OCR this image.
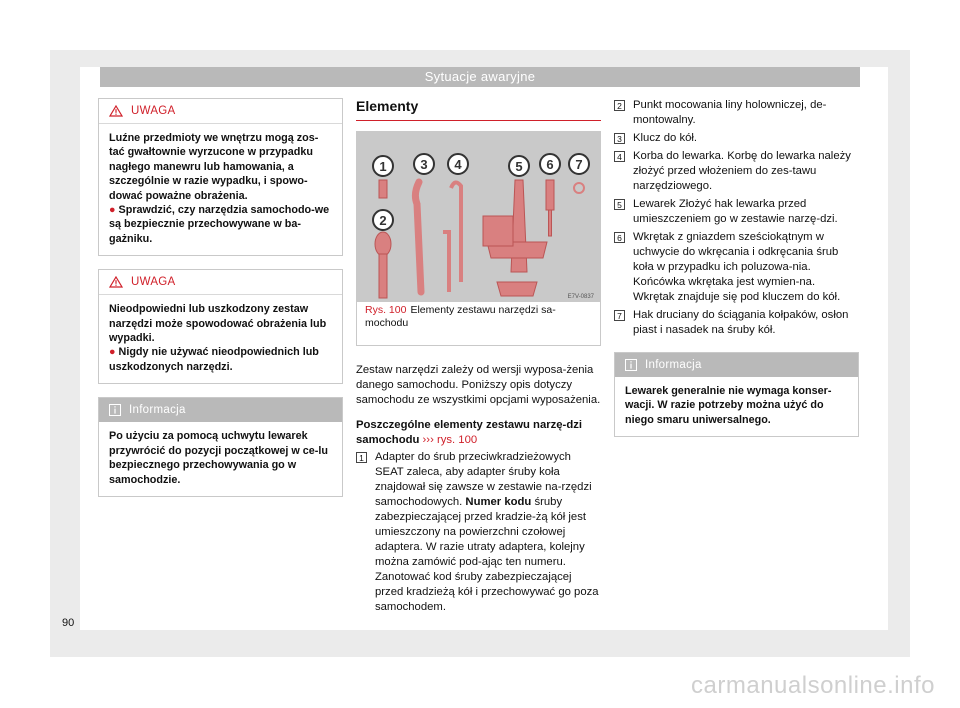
Sytuacje awaryjne
UWAGA

Luźne przedmioty we wnętrzu mogą zos-tać gwałtownie wyrzucone w przypadku nagłego manewru lub hamowania, a szczególnie w razie wypadku, i spowo-dować poważne obrażenia.

● Sprawdzić, czy narzędzia samochodo-we są bezpiecznie przechowywane w ba-gażniku.

UWAGA

Nieodpowiedni lub uszkodzony zestaw narzędzi może spowodować obrażenia lub wypadki.

● Nigdy nie używać nieodpowiednich lub uszkodzonych narzędzi.

Informacja

Po użyciu za pomocą uchwytu lewarek przywrócić do pozycji początkowej w ce-lu bezpiecznego przechowywania go w samochodzie.

Elementy
1
2
3 4	5 6 7
E7V-0837
Rys. 100 Elementy zestawu narzędzi sa-mochodu

Zestaw narzędzi zależy od wersji wyposa-żenia danego samochodu. Poniższy opis dotyczy samochodu ze wszystkimi opcjami wyposażenia.

Poszczególne elementy zestawu narzę-dzi samochodu ››› rys. 100
1 Adapter do śrub przeciwkradzieżowych SEAT zaleca, aby adapter śruby koła znajdował się zawsze w zestawie na-rzędzi samochodowych. Numer kodu śruby zabezpieczającej przed kradzie-żą kół jest umieszczony na powierzchni czołowej adaptera. W razie utraty adaptera, kolejny można zamówić pod-ając ten numeru. Zanotować kod śruby zabezpieczającej przed kradzieżą kół i przechowywać go poza samochodem.
2 Punkt mocowania liny holowniczej, de-montowalny.
3 Klucz do kół.
4 Korba do lewarka. Korbę do lewarka należy złożyć przed włożeniem do zes-tawu narzędziowego.
5 Lewarek Złożyć hak lewarka przed umieszczeniem go w zestawie narzę-dzi.
6 Wkrętak z gniazdem sześciokątnym w uchwycie do wkręcania i odkręcania śrub koła w przypadku ich poluzowa-nia. Końcówka wkrętaka jest wymien-na. Wkrętak znajduje się pod kluczem do kół.
7 Hak druciany do ściągania kołpaków, osłon piast i nasadek na śruby kół.
Informacja

Lewarek generalnie nie wymaga konser-wacji. W razie potrzeby można użyć do niego smaru uniwersalnego.

90
carmanualsonline.info
